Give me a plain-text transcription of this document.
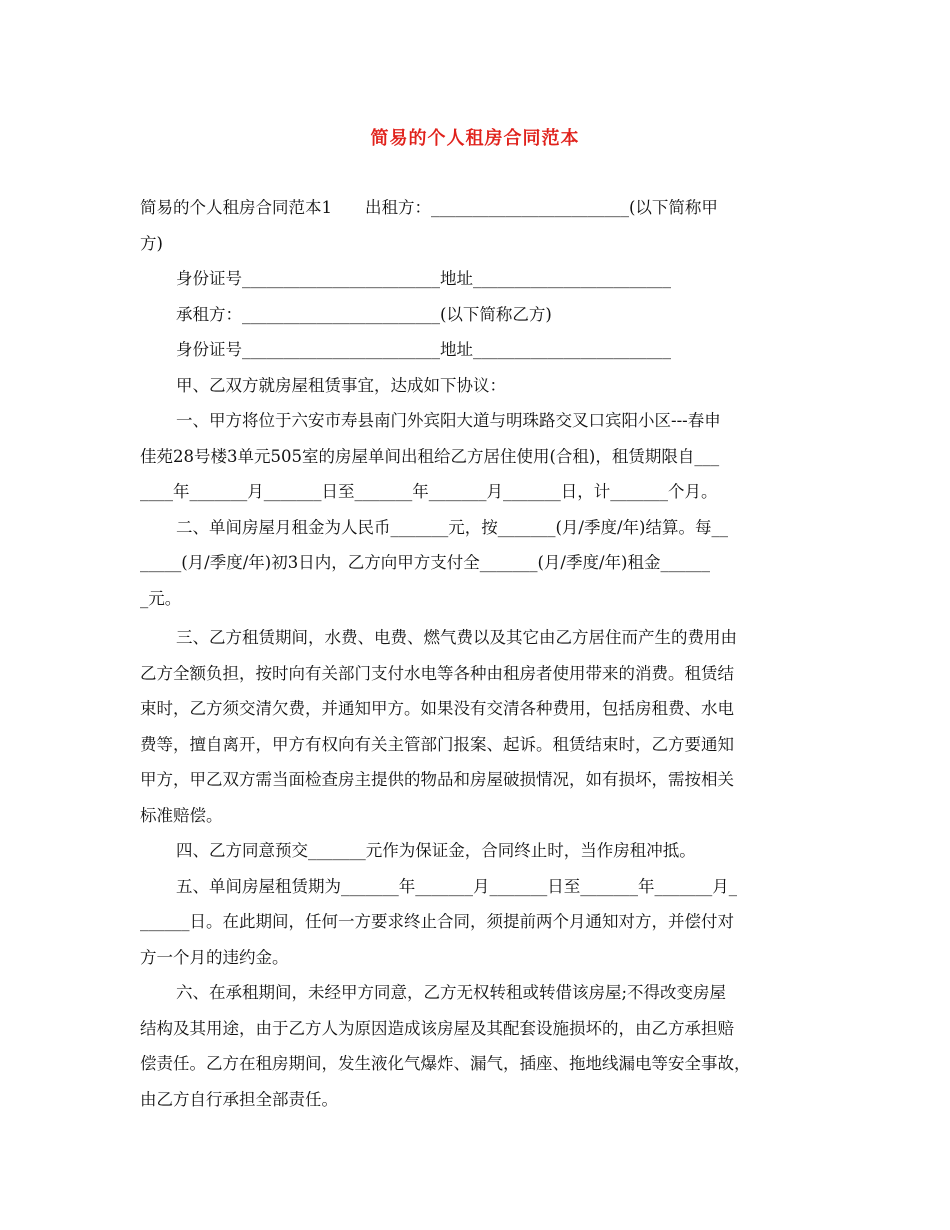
简易的个人租房合同范本
简易的个人租房合同范本1　　出租方：________________________(以下简称甲
方)
身份证号________________________地址________________________
承租方：________________________(以下简称乙方)
身份证号________________________地址________________________
甲、乙双方就房屋租赁事宜，达成如下协议：
一、甲方将位于六安市寿县南门外宾阳大道与明珠路交叉口宾阳小区---春申
佳苑28号楼3单元505室的房屋单间出租给乙方居住使用(合租)，租赁期限自___
____年_______月_______日至_______年_______月_______日，计_______个月。
二、单间房屋月租金为人民币_______元，按_______(月/季度/年)结算。每__
_____(月/季度/年)初3日内，乙方向甲方支付全_______(月/季度/年)租金______
_元。
三、乙方租赁期间，水费、电费、燃气费以及其它由乙方居住而产生的费用由
乙方全额负担，按时向有关部门支付水电等各种由租房者使用带来的消费。租赁结
束时，乙方须交清欠费，并通知甲方。如果没有交清各种费用，包括房租费、水电
费等，擅自离开，甲方有权向有关主管部门报案、起诉。租赁结束时，乙方要通知
甲方，甲乙双方需当面检查房主提供的物品和房屋破损情况，如有损坏，需按相关
标准赔偿。
四、乙方同意预交_______元作为保证金，合同终止时，当作房租冲抵。
五、单间房屋租赁期为_______年_______月_______日至_______年_______月_
______日。在此期间，任何一方要求终止合同，须提前两个月通知对方，并偿付对
方一个月的违约金。
六、在承租期间，未经甲方同意，乙方无权转租或转借该房屋;不得改变房屋
结构及其用途，由于乙方人为原因造成该房屋及其配套设施损坏的，由乙方承担赔
偿责任。乙方在租房期间，发生液化气爆炸、漏气，插座、拖地线漏电等安全事故，
由乙方自行承担全部责任。
